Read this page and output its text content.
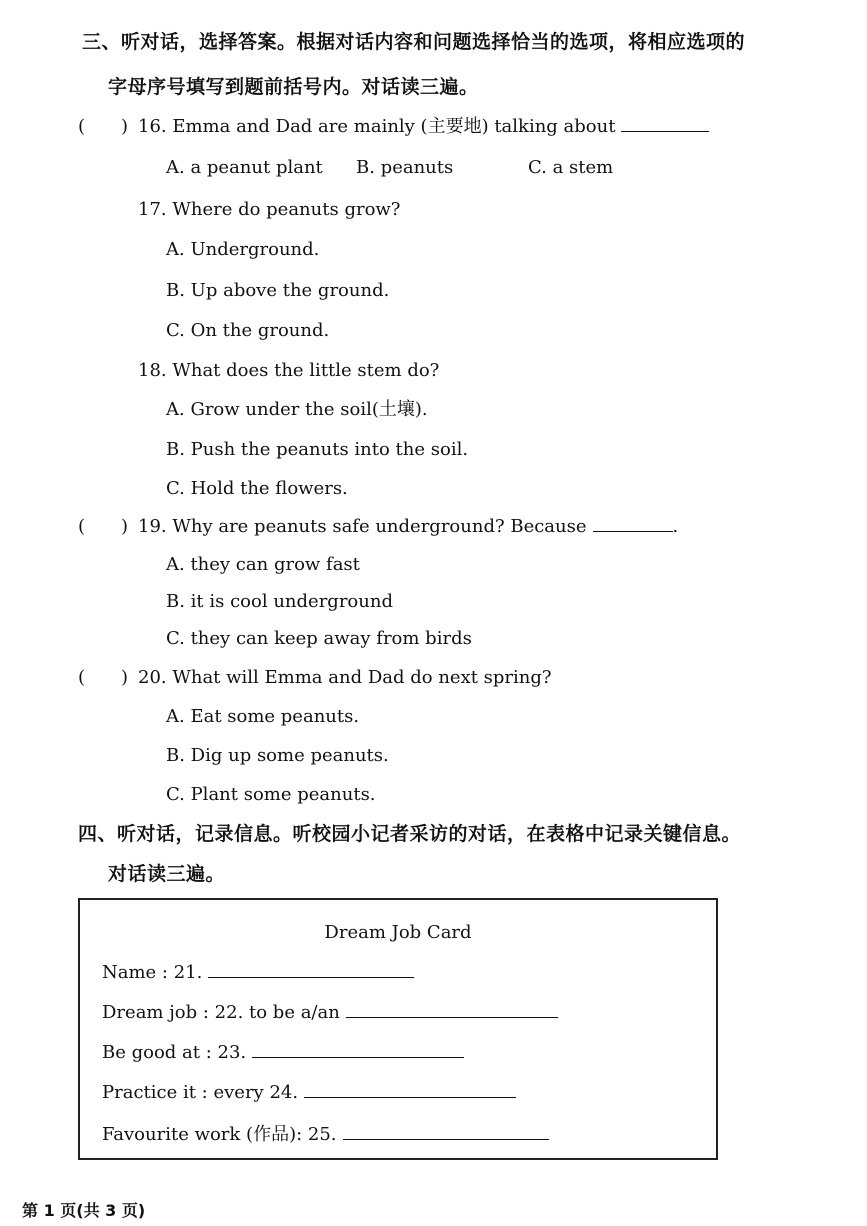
三、听对话，选择答案。根据对话内容和问题选择恰当的选项，将相应选项的
字母序号填写到题前括号内。对话读三遍。
(　　) 16. Emma and Dad are mainly (主要地) talking about
A. a peanut plant B. peanuts	C. a stem
17. Where do peanuts grow?
A. Underground.
B. Up above the ground.
C. On the ground.
18. What does the little stem do?
A. Grow under the soil(土壤).
B. Push the peanuts into the soil.
C. Hold the flowers.
(　　) 19. Why are peanuts safe underground? Because	.
A. they can grow fast
B. it is cool underground
C. they can keep away from birds
(　　) 20. What will Emma and Dad do next spring?
A. Eat some peanuts.
B. Dig up some peanuts.
C. Plant some peanuts.
四、听对话，记录信息。听校园小记者采访的对话，在表格中记录关键信息。
对话读三遍。
Dream Job Card
Name : 21.
Dream job : 22. to be a/an
Be good at : 23.
Practice it : every 24.
Favourite work (作品): 25.
第 1 页(共 3 页)
